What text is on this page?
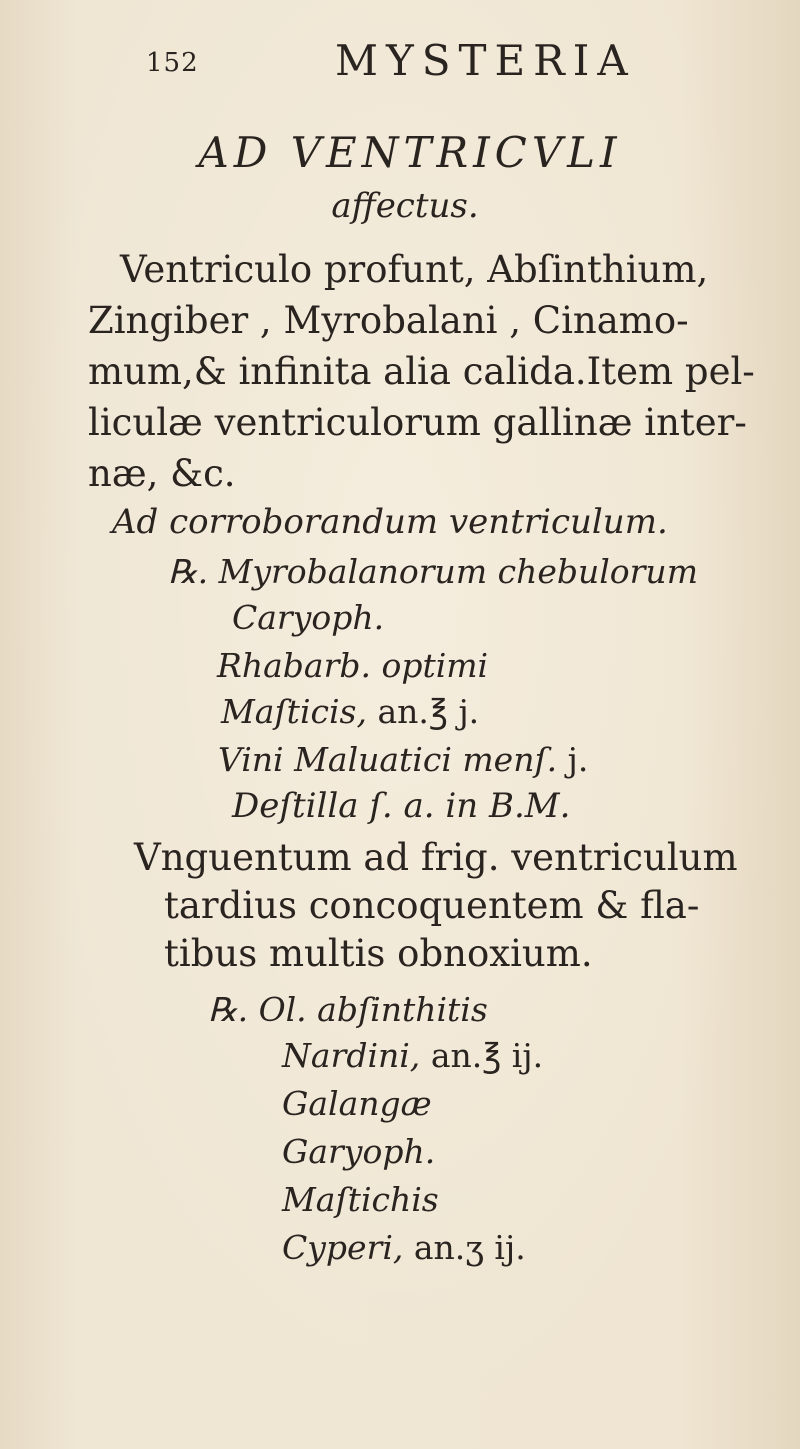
152	MYSTERIA
AD VENTRICVLI
affectus.
Ventriculo profunt, Abſinthium,
Zingiber , Myrobalani , Cinamo-
mum,& infinita alia calida.Item pel-
liculæ ventriculorum gallinæ inter-
næ, &c.
Ad corroborandum ventriculum.
℞. Myrobalanorum chebulorum
Caryoph.
Rhabarb. optimi
Maſticis, an.℥ j.
Vini Maluatici menſ. j.
Deſtilla ſ. a. in B.M.
Vnguentum ad frig. ventriculum
tardius concoquentem & fla-
tibus multis obnoxium.
℞. Ol. abſinthitis
Nardini, an.℥ ij.
Galangæ
Garyoph.
Maſtichis
Cyperi, an.ʒ ij.
